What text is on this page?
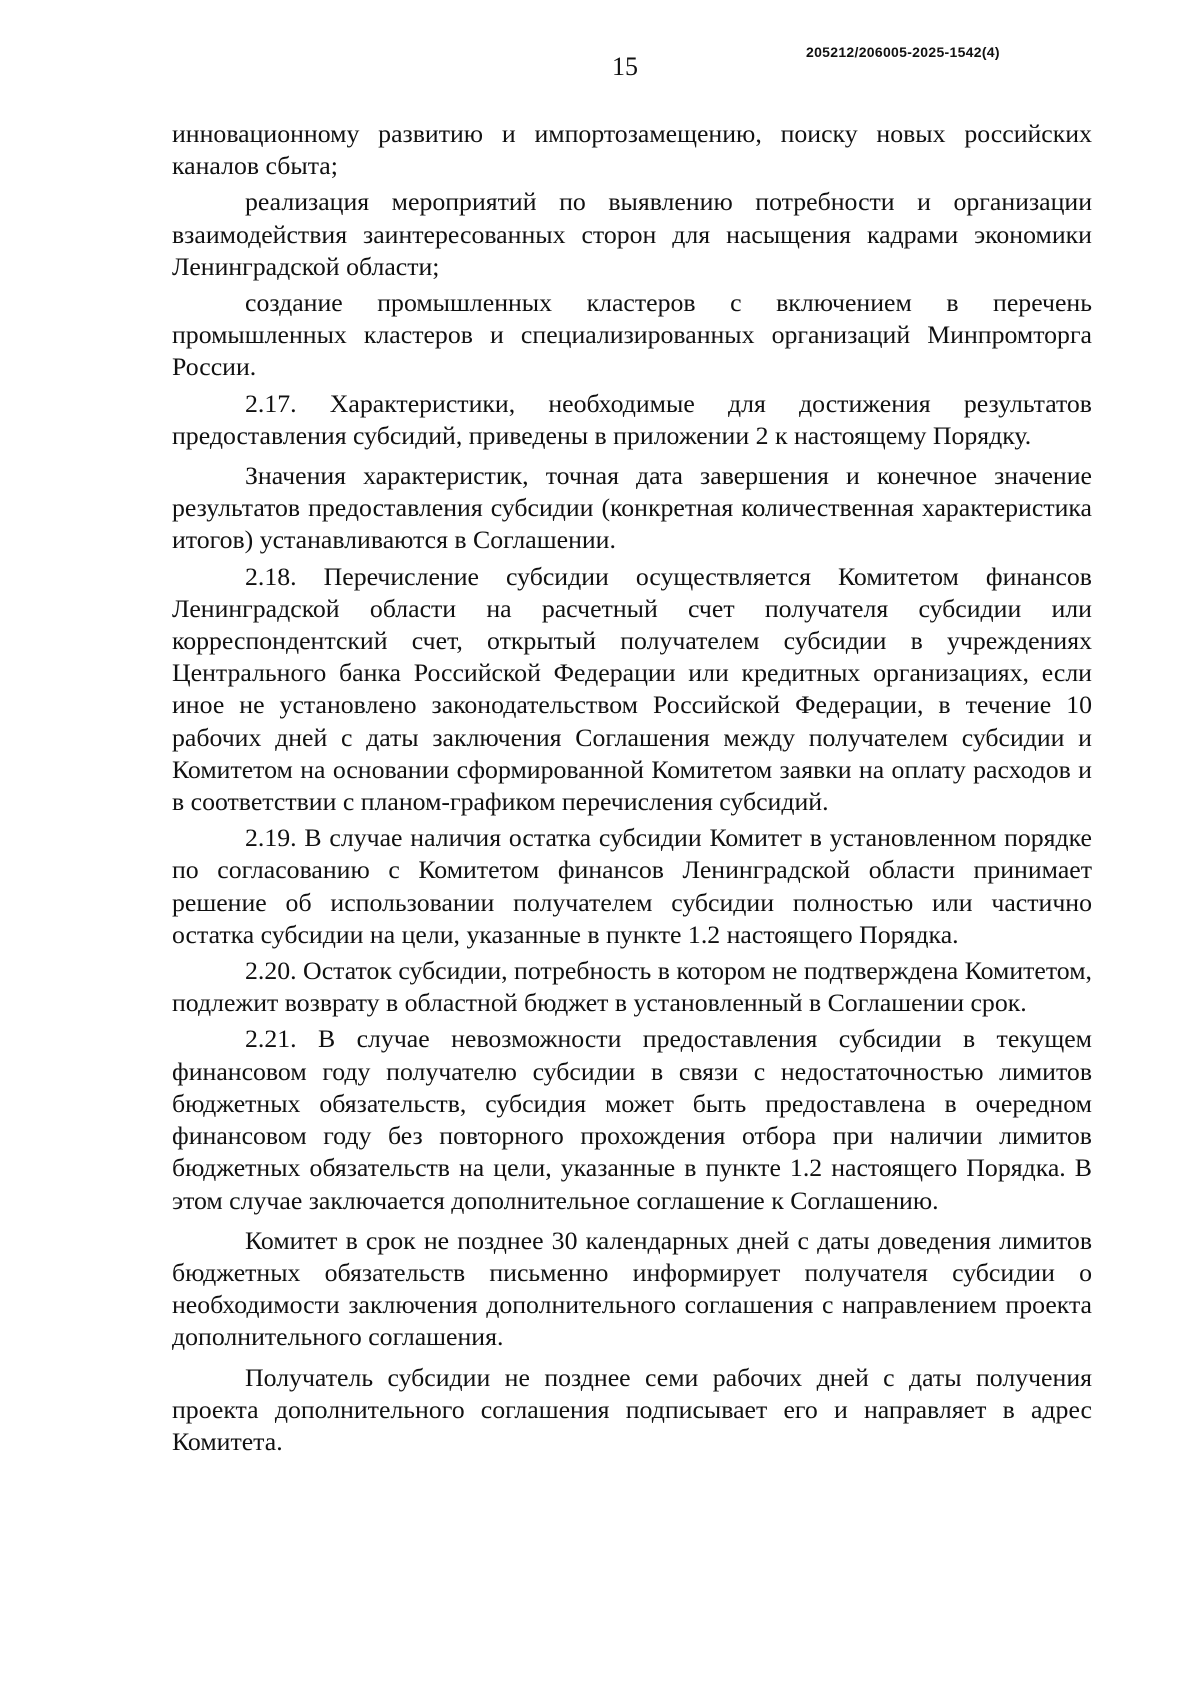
15	205212/206005-2025-1542(4)

инновационному развитию и импортозамещению, поиску новых российских каналов сбыта;

реализация мероприятий по выявлению потребности и организации взаимодействия заинтересованных сторон для насыщения кадрами экономики Ленинградской области;

создание промышленных кластеров с включением в перечень промышленных кластеров и специализированных организаций Минпромторга России.

2.17. Характеристики, необходимые для достижения результатов предоставления субсидий, приведены в приложении 2 к настоящему Порядку.

Значения характеристик, точная дата завершения и конечное значение результатов предоставления субсидии (конкретная количественная характеристика итогов) устанавливаются в Соглашении.

2.18. Перечисление субсидии осуществляется Комитетом финансов Ленинградской области на расчетный счет получателя субсидии или корреспондентский счет, открытый получателем субсидии в учреждениях Центрального банка Российской Федерации или кредитных организациях, если иное не установлено законодательством Российской Федерации, в течение 10 рабочих дней с даты заключения Соглашения между получателем субсидии и Комитетом на основании сформированной Комитетом заявки на оплату расходов и в соответствии с планом-графиком перечисления субсидий.

2.19. В случае наличия остатка субсидии Комитет в установленном порядке по согласованию с Комитетом финансов Ленинградской области принимает решение об использовании получателем субсидии полностью или частично остатка субсидии на цели, указанные в пункте 1.2 настоящего Порядка.

2.20. Остаток субсидии, потребность в котором не подтверждена Комитетом, подлежит возврату в областной бюджет в установленный в Соглашении срок.

2.21. В случае невозможности предоставления субсидии в текущем финансовом году получателю субсидии в связи с недостаточностью лимитов бюджетных обязательств, субсидия может быть предоставлена в очередном финансовом году без повторного прохождения отбора при наличии лимитов бюджетных обязательств на цели, указанные в пункте 1.2 настоящего Порядка. В этом случае заключается дополнительное соглашение к Соглашению.

Комитет в срок не позднее 30 календарных дней с даты доведения лимитов бюджетных обязательств письменно информирует получателя субсидии о необходимости заключения дополнительного соглашения с направлением проекта дополнительного соглашения.

Получатель субсидии не позднее семи рабочих дней с даты получения проекта дополнительного соглашения подписывает его и направляет в адрес Комитета.
